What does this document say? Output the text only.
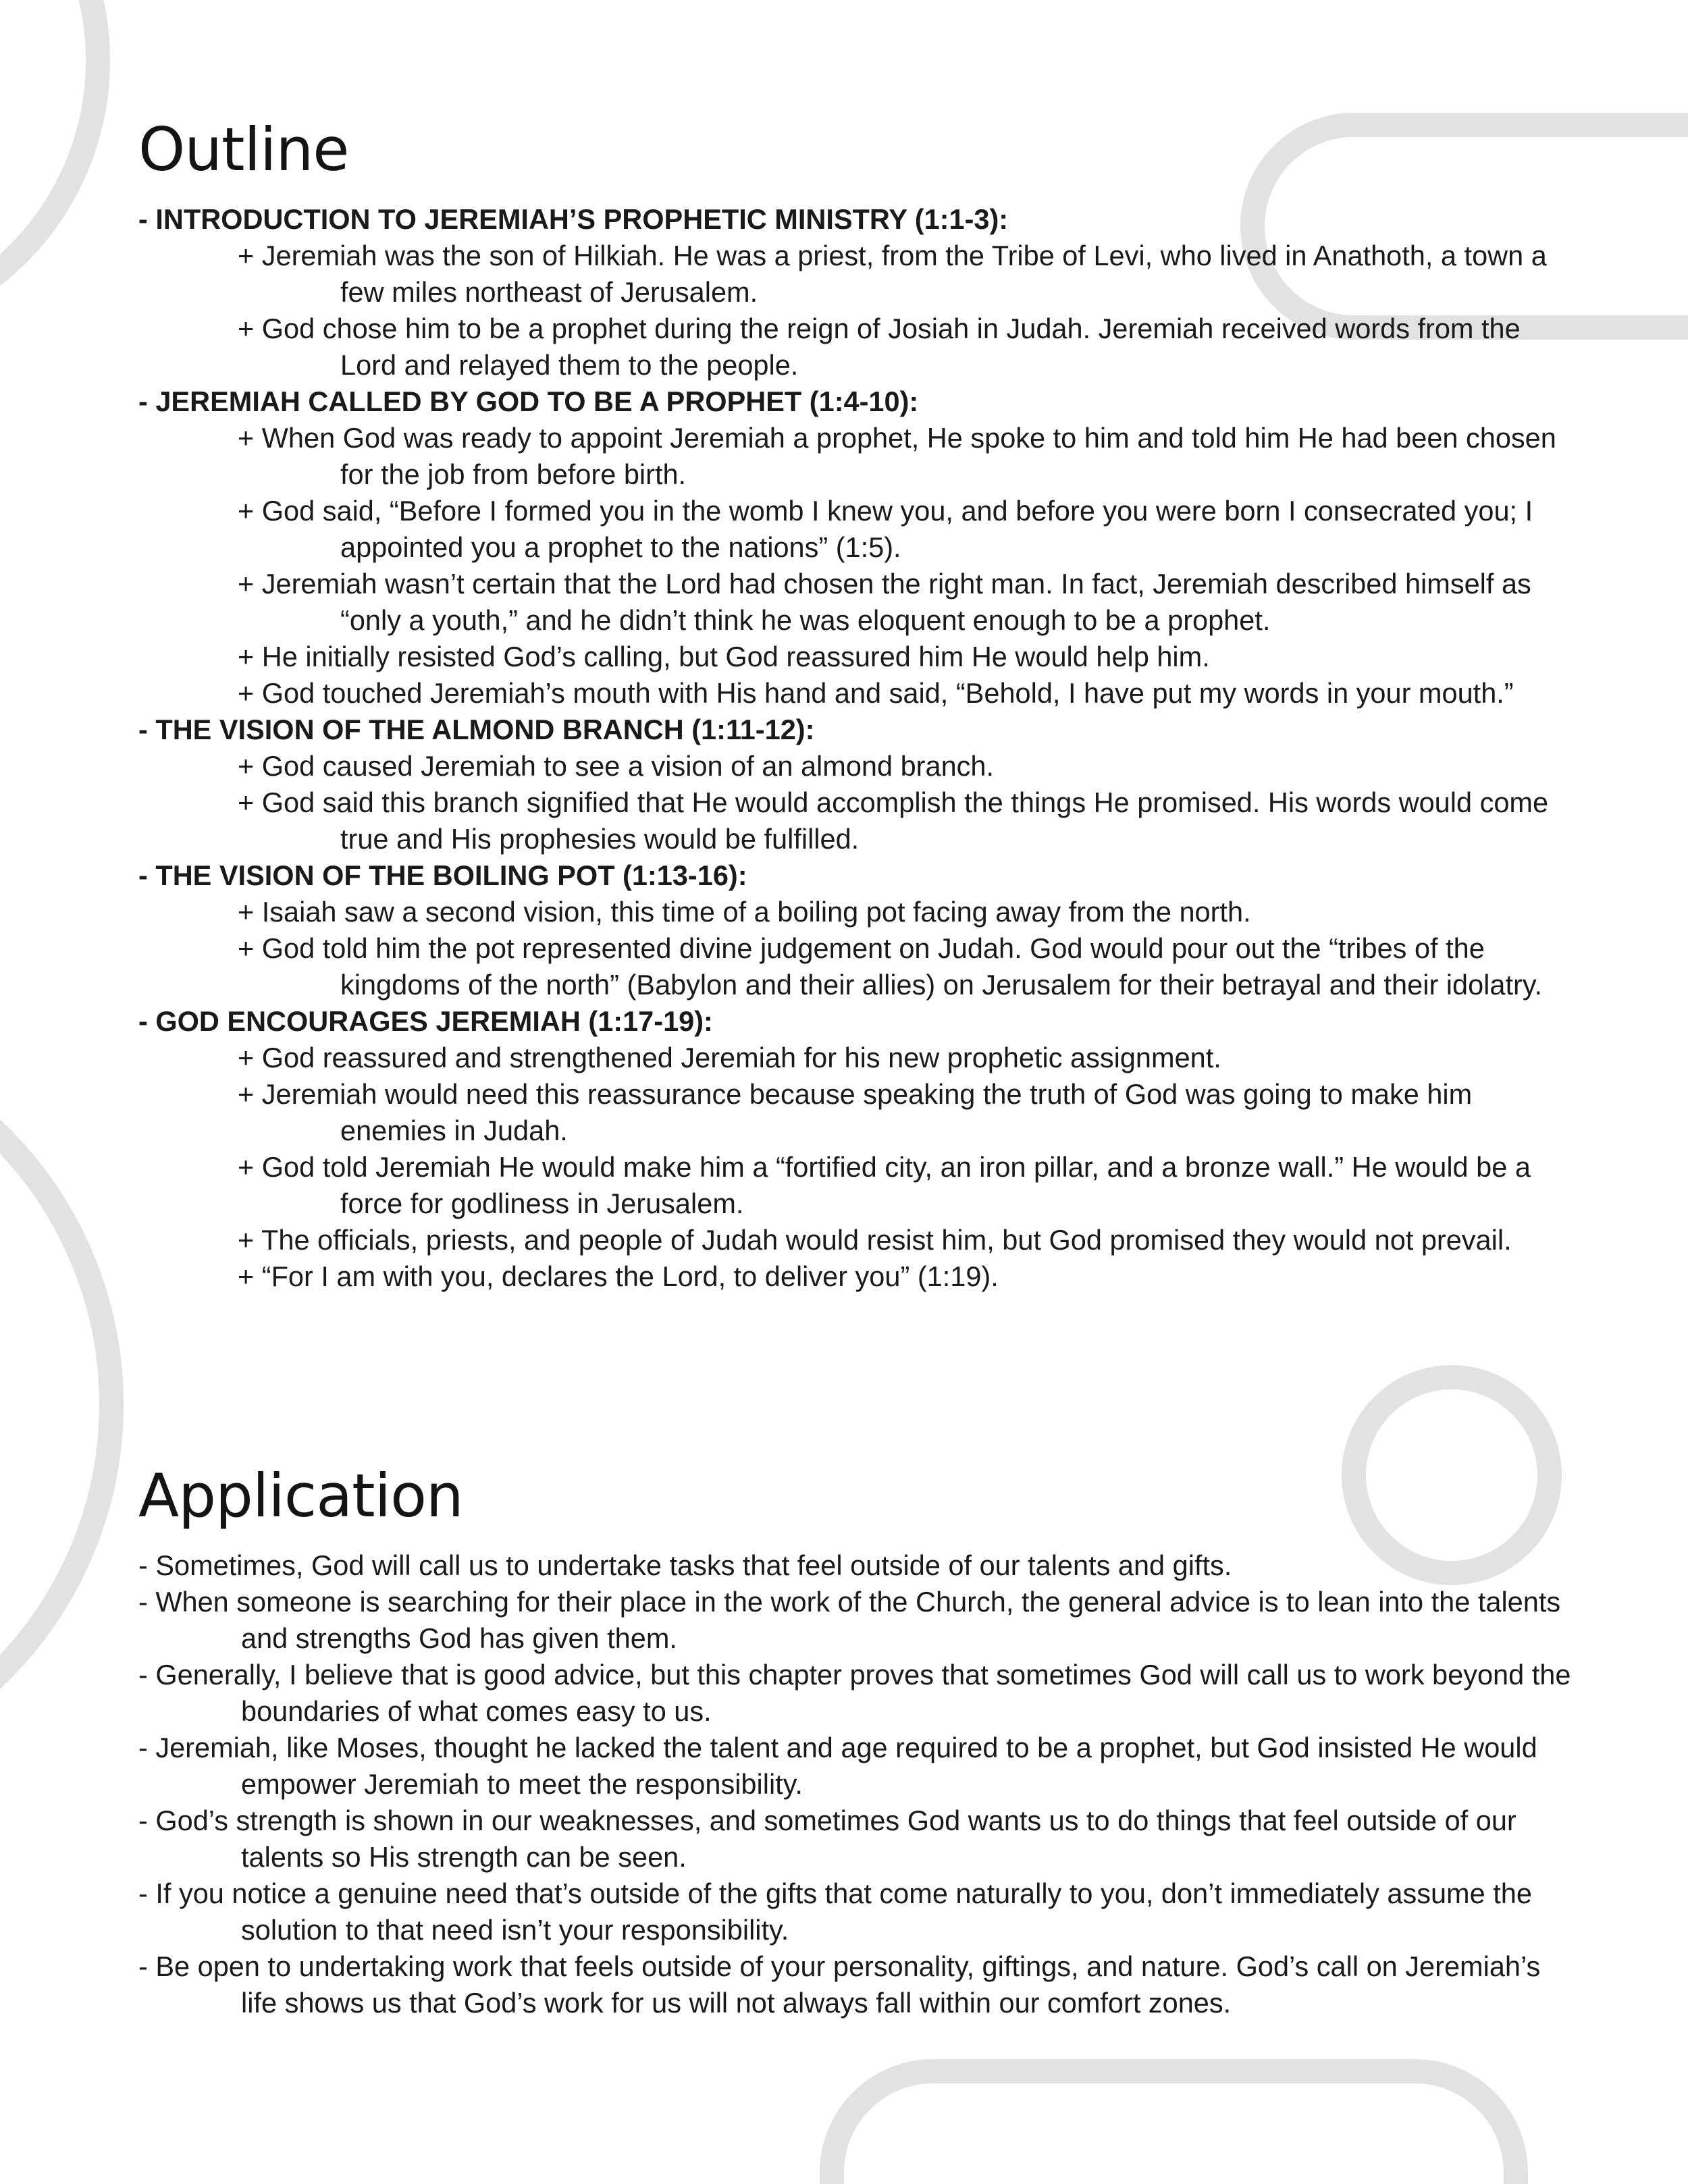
Outline
- INTRODUCTION TO JEREMIAH’S PROPHETIC MINISTRY (1:1-3):
+ Jeremiah was the son of Hilkiah. He was a priest, from the Tribe of Levi, who lived in Anathoth, a town a few miles northeast of Jerusalem.
+ God chose him to be a prophet during the reign of Josiah in Judah. Jeremiah received words from the Lord and relayed them to the people.
- JEREMIAH CALLED BY GOD TO BE A PROPHET (1:4-10):
+ When God was ready to appoint Jeremiah a prophet, He spoke to him and told him He had been chosen for the job from before birth.
+ God said, “Before I formed you in the womb I knew you, and before you were born I consecrated you; I appointed you a prophet to the nations” (1:5).
+ Jeremiah wasn’t certain that the Lord had chosen the right man. In fact, Jeremiah described himself as “only a youth,” and he didn’t think he was eloquent enough to be a prophet.
+ He initially resisted God’s calling, but God reassured him He would help him.
+ God touched Jeremiah’s mouth with His hand and said, “Behold, I have put my words in your mouth.”
- THE VISION OF THE ALMOND BRANCH (1:11-12):
+ God caused Jeremiah to see a vision of an almond branch.
+ God said this branch signified that He would accomplish the things He promised. His words would come true and His prophesies would be fulfilled.
- THE VISION OF THE BOILING POT (1:13-16):
+ Isaiah saw a second vision, this time of a boiling pot facing away from the north.
+ God told him the pot represented divine judgement on Judah. God would pour out the “tribes of the kingdoms of the north” (Babylon and their allies) on Jerusalem for their betrayal and their idolatry.
- GOD ENCOURAGES JEREMIAH (1:17-19):
+ God reassured and strengthened Jeremiah for his new prophetic assignment.
+ Jeremiah would need this reassurance because speaking the truth of God was going to make him enemies in Judah.
+ God told Jeremiah He would make him a “fortified city, an iron pillar, and a bronze wall.” He would be a force for godliness in Jerusalem.
+ The officials, priests, and people of Judah would resist him, but God promised they would not prevail.
+ “For I am with you, declares the Lord, to deliver you” (1:19).
Application
- Sometimes, God will call us to undertake tasks that feel outside of our talents and gifts.
- When someone is searching for their place in the work of the Church, the general advice is to lean into the talents and strengths God has given them.
- Generally, I believe that is good advice, but this chapter proves that sometimes God will call us to work beyond the boundaries of what comes easy to us.
- Jeremiah, like Moses, thought he lacked the talent and age required to be a prophet, but God insisted He would empower Jeremiah to meet the responsibility.
- God’s strength is shown in our weaknesses, and sometimes God wants us to do things that feel outside of our talents so His strength can be seen.
- If you notice a genuine need that’s outside of the gifts that come naturally to you, don’t immediately assume the solution to that need isn’t your responsibility.
- Be open to undertaking work that feels outside of your personality, giftings, and nature. God’s call on Jeremiah’s life shows us that God’s work for us will not always fall within our comfort zones.
